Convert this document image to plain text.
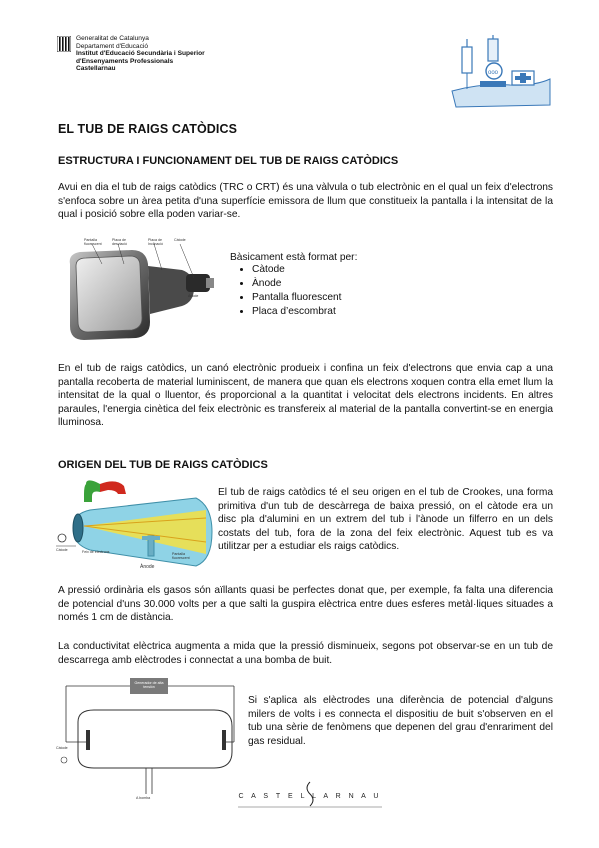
Generalitat de Catalunya
Departament d'Educació
Institut d'Educació Secundària i Superior
d'Ensenyaments Professionals
Castellarnau
ooo
EL TUB DE RAIGS CATÒDICS
ESTRUCTURA I FUNCIONAMENT DEL TUB DE RAIGS CATÒDICS
Avui en dia el tub de raigs catòdics (TRC o CRT) és una vàlvula o tub electrònic en el qual un feix d'electrons s'enfoca sobre un àrea petita d'una superfície emissora de llum que constitueix la pantalla i la intensitat de la qual i posició sobre ella poden variar-se.
Pantalla fluorescent
Placa de desviació
Placa de Inclinació
Càtode
Ànode
Bàsicament està format per:
• Càtode
• Ànode
• Pantalla fluorescent
• Placa d’escombrat
En el tub de raigs catòdics, un canó electrònic produeix i confina un feix d'electrons que envia cap a una pantalla recoberta de material luminiscent, de manera que quan els electrons xoquen contra ella emet llum la intensitat de la qual o lluentor, és proporcional a la quantitat i velocitat dels electrons incidents. En altres paraules, l'energia cinètica del feix electrònic es transfereix al material de la pantalla convertint-se en energia lluminosa.
ORIGEN DEL TUB DE RAIGS CATÒDICS
Càtode	Feix de electrons
Ànode
Pantalla fluorescent
El tub de raigs catòdics té el seu origen en el tub de Crookes, una forma primitiva d'un tub de descàrrega de baixa pressió, on el càtode era un disc pla d'alumini en un extrem del tub i l'ànode un filferro en un dels costats del tub, fora de la zona del feix electrònic. Aquest tub es va utilitzar per a estudiar els raigs catòdics.
A pressió ordinària els gasos són aïllants quasi be perfectes donat que, per exemple, fa falta una diferencia de potencial d'uns 30.000 volts per a que salti la guspira elèctrica entre dues esferes metàl·liques situades a només 1 cm de distància.
La conductivitat elèctrica augmenta a mida que la pressió disminueix, segons pot observar-se en un tub de descarrega amb elèctrodes i connectat a una bomba de buit.
Generador de alta tensión
Càtode
A bomba
Si s'aplica als elèctrodes una diferència de potencial d'alguns milers de volts i es connecta el dispositiu de buit s'observen en el tub una sèrie de fenòmens que depenen del grau d'enrariment del gas residual.
C A S T E L L A R N A U
